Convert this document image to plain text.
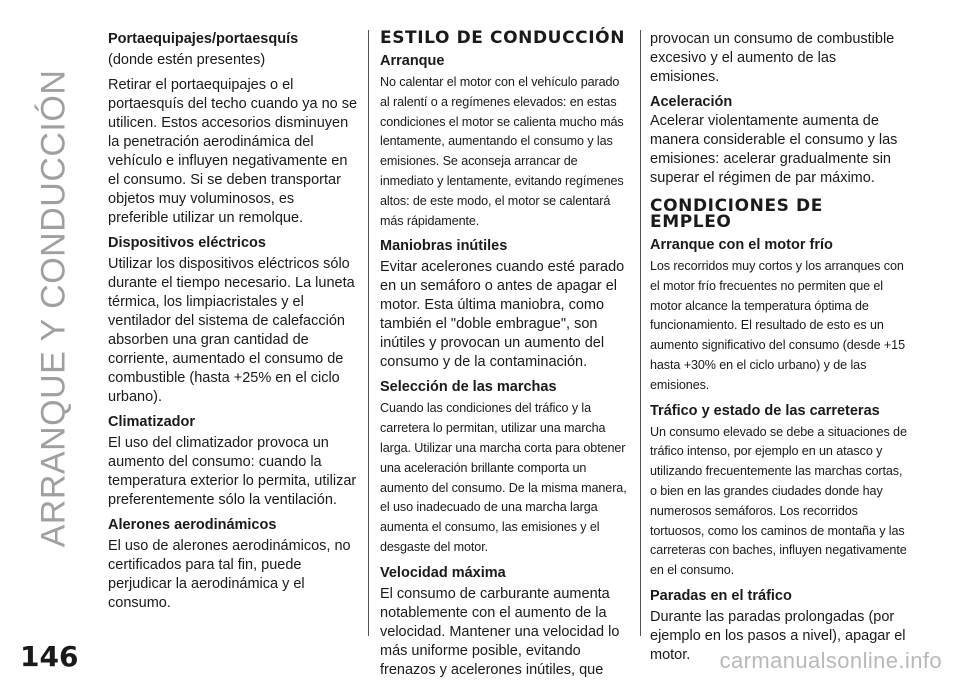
ARRANQUE Y CONDUCCIÓN
146
Portaequipajes/portaesquís

(donde estén presentes)

Retirar el portaequipajes o el portaesquís del techo cuando ya no se utilicen. Estos accesorios disminuyen la penetración aerodinámica del vehículo e influyen negativamente en el consumo. Si se deben transportar objetos muy voluminosos, es preferible utilizar un remolque.

Dispositivos eléctricos

Utilizar los dispositivos eléctricos sólo durante el tiempo necesario. La luneta térmica, los limpiacristales y el ventilador del sistema de calefacción absorben una gran cantidad de corriente, aumentado el consumo de combustible (hasta +25% en el ciclo urbano).

Climatizador

El uso del climatizador provoca un aumento del consumo: cuando la temperatura exterior lo permita, utilizar preferentemente sólo la ventilación.

Alerones aerodinámicos

El uso de alerones aerodinámicos, no certificados para tal fin, puede perjudicar la aerodinámica y el consumo.

ESTILO DE CONDUCCIÓN
Arranque

No calentar el motor con el vehículo parado al ralentí o a regímenes elevados: en estas condiciones el motor se calienta mucho más lentamente, aumentando el consumo y las emisiones. Se aconseja arrancar de inmediato y lentamente, evitando regímenes altos: de este modo, el motor se calentará más rápidamente.

Maniobras inútiles

Evitar acelerones cuando esté parado en un semáforo o antes de apagar el motor. Esta última maniobra, como también el "doble embrague", son inútiles y provocan un aumento del consumo y de la contaminación.

Selección de las marchas

Cuando las condiciones del tráfico y la carretera lo permitan, utilizar una marcha larga. Utilizar una marcha corta para obtener una aceleración brillante comporta un aumento del consumo. De la misma manera, el uso inadecuado de una marcha larga aumenta el consumo, las emisiones y el desgaste del motor.

Velocidad máxima

El consumo de carburante aumenta notablemente con el aumento de la velocidad. Mantener una velocidad lo más uniforme posible, evitando frenazos y acelerones inútiles, que

provocan un consumo de combustible excesivo y el aumento de las emisiones.

Aceleración

Acelerar violentamente aumenta de manera considerable el consumo y las emisiones: acelerar gradualmente sin superar el régimen de par máximo.

CONDICIONES DE EMPLEO
Arranque con el motor frío

Los recorridos muy cortos y los arranques con el motor frío frecuentes no permiten que el motor alcance la temperatura óptima de funcionamiento. El resultado de esto es un aumento significativo del consumo (desde +15 hasta +30% en el ciclo urbano) y de las emisiones.

Tráfico y estado de las carreteras

Un consumo elevado se debe a situaciones de tráfico intenso, por ejemplo en un atasco y utilizando frecuentemente las marchas cortas, o bien en las grandes ciudades donde hay numerosos semáforos. Los recorridos tortuosos, como los caminos de montaña y las carreteras con baches, influyen negativamente en el consumo.

Paradas en el tráfico

Durante las paradas prolongadas (por ejemplo en los pasos a nivel), apagar el motor.	carmanualsonline.info
